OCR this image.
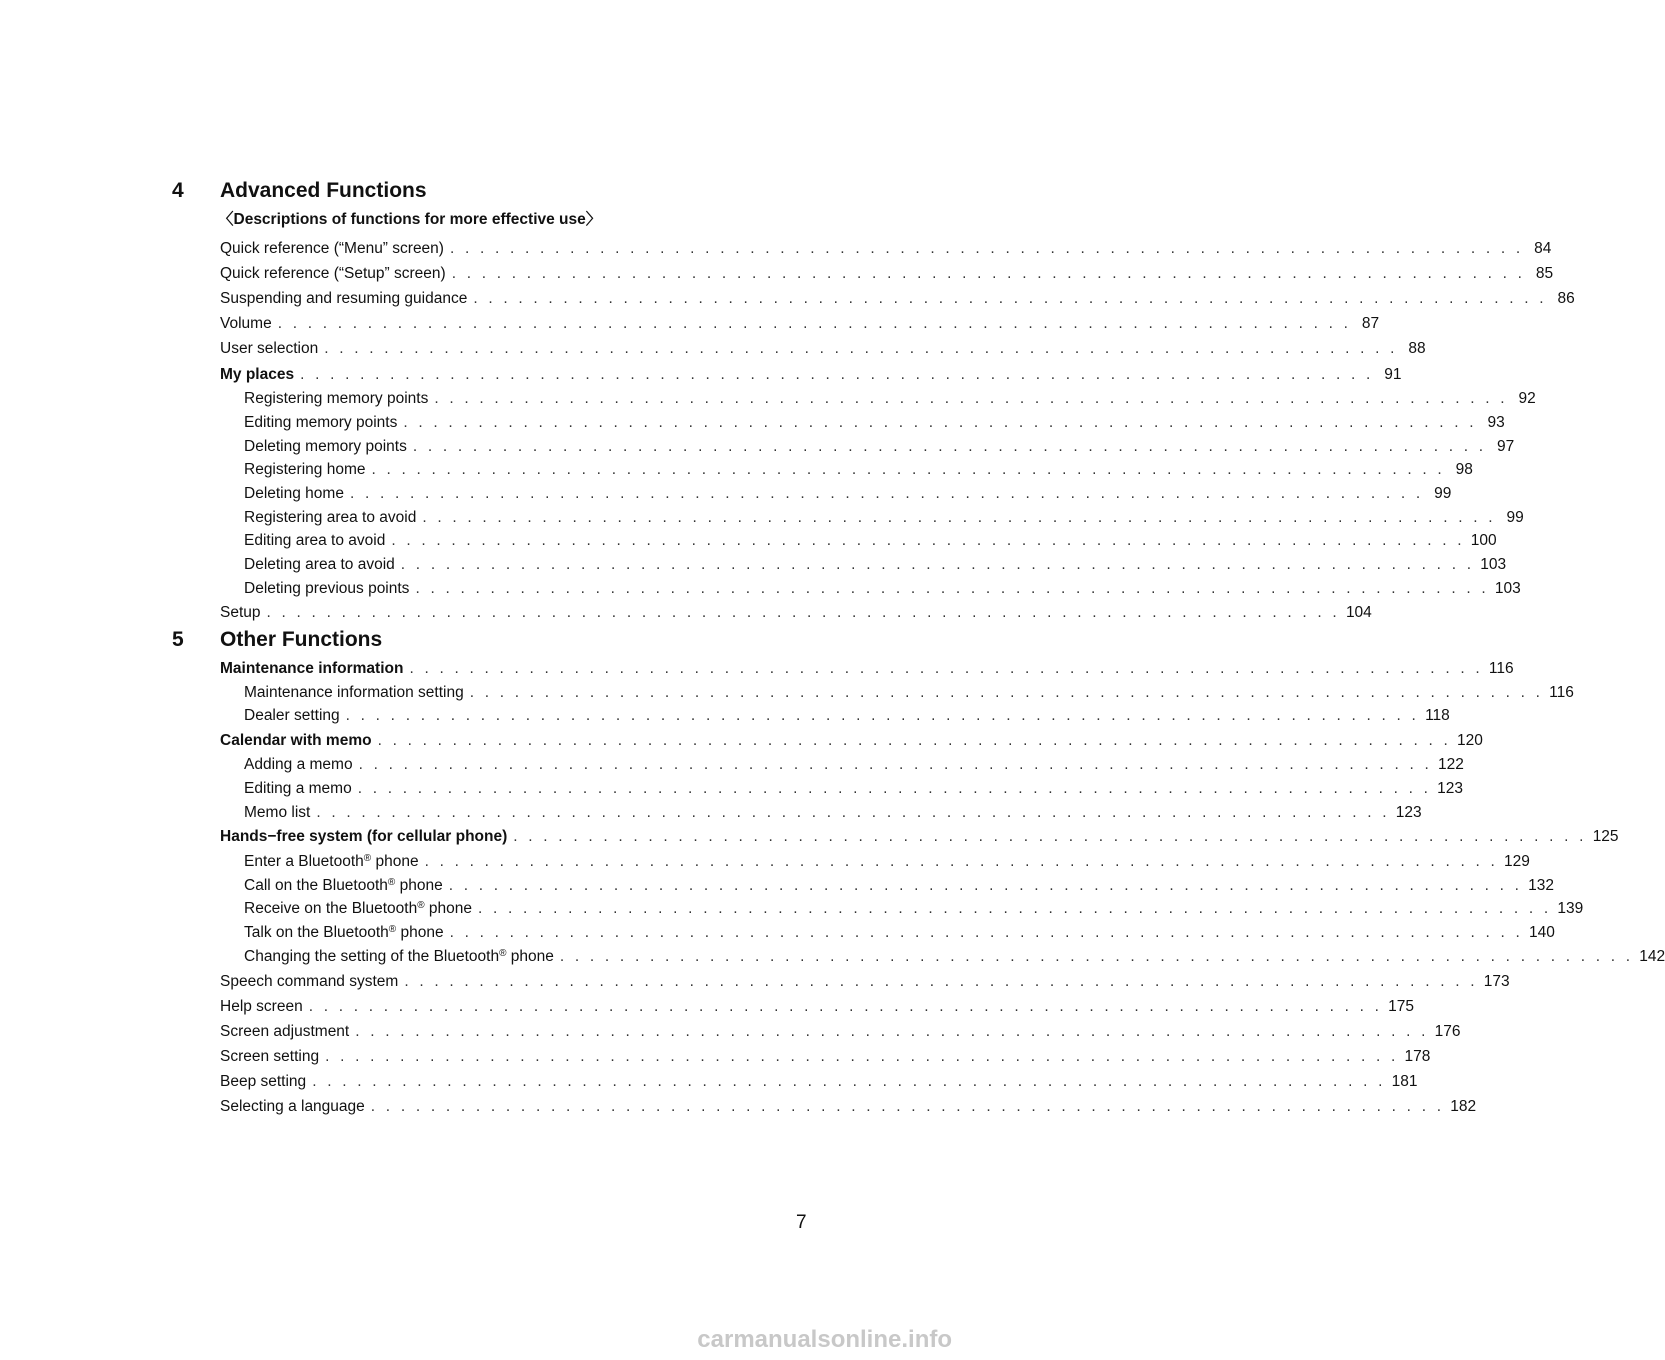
4 Advanced Functions
〈Descriptions of functions for more effective use〉
Quick reference (“Menu” screen) . . . . . . . . . . . . . . . . . . . . . . . . . . . . . . . . . . . . . . . . . . . . . . . . . . . . . . . . . . . . . . . . . . . . . . . . 84
Quick reference (“Setup” screen) . . . . . . . . . . . . . . . . . . . . . . . . . . . . . . . . . . . . . . . . . . . . . . . . . . . . . . . . . . . . . . . . . . . . . . . . 85
Suspending and resuming guidance . . . . . . . . . . . . . . . . . . . . . . . . . . . . . . . . . . . . . . . . . . . . . . . . . . . . . . . . . . . . . . . . . . . . . . . . 86
Volume . . . . . . . . . . . . . . . . . . . . . . . . . . . . . . . . . . . . . . . . . . . . . . . . . . . . . . . . . . . . . . . . . . . . . . . . 87
User selection . . . . . . . . . . . . . . . . . . . . . . . . . . . . . . . . . . . . . . . . . . . . . . . . . . . . . . . . . . . . . . . . . . . . . . . . 88
My places . . . . . . . . . . . . . . . . . . . . . . . . . . . . . . . . . . . . . . . . . . . . . . . . . . . . . . . . . . . . . . . . . . . . . . . . 91
Registering memory points . . . . . . . . . . . . . . . . . . . . . . . . . . . . . . . . . . . . . . . . . . . . . . . . . . . . . . . . . . . . . . . . . . . . . . . . 92
Editing memory points . . . . . . . . . . . . . . . . . . . . . . . . . . . . . . . . . . . . . . . . . . . . . . . . . . . . . . . . . . . . . . . . . . . . . . . . 93
Deleting memory points . . . . . . . . . . . . . . . . . . . . . . . . . . . . . . . . . . . . . . . . . . . . . . . . . . . . . . . . . . . . . . . . . . . . . . . . 97
Registering home . . . . . . . . . . . . . . . . . . . . . . . . . . . . . . . . . . . . . . . . . . . . . . . . . . . . . . . . . . . . . . . . . . . . . . . . 98
Deleting home . . . . . . . . . . . . . . . . . . . . . . . . . . . . . . . . . . . . . . . . . . . . . . . . . . . . . . . . . . . . . . . . . . . . . . . . 99
Registering area to avoid . . . . . . . . . . . . . . . . . . . . . . . . . . . . . . . . . . . . . . . . . . . . . . . . . . . . . . . . . . . . . . . . . . . . . . . . 99
Editing area to avoid . . . . . . . . . . . . . . . . . . . . . . . . . . . . . . . . . . . . . . . . . . . . . . . . . . . . . . . . . . . . . . . . . . . . . . . . 100
Deleting area to avoid . . . . . . . . . . . . . . . . . . . . . . . . . . . . . . . . . . . . . . . . . . . . . . . . . . . . . . . . . . . . . . . . . . . . . . . . 103
Deleting previous points . . . . . . . . . . . . . . . . . . . . . . . . . . . . . . . . . . . . . . . . . . . . . . . . . . . . . . . . . . . . . . . . . . . . . . . . 103
Setup . . . . . . . . . . . . . . . . . . . . . . . . . . . . . . . . . . . . . . . . . . . . . . . . . . . . . . . . . . . . . . . . . . . . . . . . 104
5 Other Functions
Maintenance information . . . . . . . . . . . . . . . . . . . . . . . . . . . . . . . . . . . . . . . . . . . . . . . . . . . . . . . . . . . . . . . . . . . . . . . . 116
Maintenance information setting . . . . . . . . . . . . . . . . . . . . . . . . . . . . . . . . . . . . . . . . . . . . . . . . . . . . . . . . . . . . . . . . . . . . . . . . 116
Dealer setting . . . . . . . . . . . . . . . . . . . . . . . . . . . . . . . . . . . . . . . . . . . . . . . . . . . . . . . . . . . . . . . . . . . . . . . . 118
Calendar with memo . . . . . . . . . . . . . . . . . . . . . . . . . . . . . . . . . . . . . . . . . . . . . . . . . . . . . . . . . . . . . . . . . . . . . . . . 120
Adding a memo . . . . . . . . . . . . . . . . . . . . . . . . . . . . . . . . . . . . . . . . . . . . . . . . . . . . . . . . . . . . . . . . . . . . . . . . 122
Editing a memo . . . . . . . . . . . . . . . . . . . . . . . . . . . . . . . . . . . . . . . . . . . . . . . . . . . . . . . . . . . . . . . . . . . . . . . . 123
Memo list . . . . . . . . . . . . . . . . . . . . . . . . . . . . . . . . . . . . . . . . . . . . . . . . . . . . . . . . . . . . . . . . . . . . . . . . 123
Hands−free system (for cellular phone) . . . . . . . . . . . . . . . . . . . . . . . . . . . . . . . . . . . . . . . . . . . . . . . . . . . . . . . . . . . . . . . . . . . . . . . . 125
Enter a Bluetooth® phone . . . . . . . . . . . . . . . . . . . . . . . . . . . . . . . . . . . . . . . . . . . . . . . . . . . . . . . . . . . . . . . . . . . . . . . . 129
Call on the Bluetooth® phone . . . . . . . . . . . . . . . . . . . . . . . . . . . . . . . . . . . . . . . . . . . . . . . . . . . . . . . . . . . . . . . . . . . . . . . . 132
Receive on the Bluetooth® phone . . . . . . . . . . . . . . . . . . . . . . . . . . . . . . . . . . . . . . . . . . . . . . . . . . . . . . . . . . . . . . . . . . . . . . . . 139
Talk on the Bluetooth® phone . . . . . . . . . . . . . . . . . . . . . . . . . . . . . . . . . . . . . . . . . . . . . . . . . . . . . . . . . . . . . . . . . . . . . . . . 140
Changing the setting of the Bluetooth® phone . . . . . . . . . . . . . . . . . . . . . . . . . . . . . . . . . . . . . . . . . . . . . . . . . . . . . . . . . . . . . . . . . . . . . . . . 142
Speech command system . . . . . . . . . . . . . . . . . . . . . . . . . . . . . . . . . . . . . . . . . . . . . . . . . . . . . . . . . . . . . . . . . . . . . . . . 173
Help screen . . . . . . . . . . . . . . . . . . . . . . . . . . . . . . . . . . . . . . . . . . . . . . . . . . . . . . . . . . . . . . . . . . . . . . . . 175
Screen adjustment . . . . . . . . . . . . . . . . . . . . . . . . . . . . . . . . . . . . . . . . . . . . . . . . . . . . . . . . . . . . . . . . . . . . . . . . 176
Screen setting . . . . . . . . . . . . . . . . . . . . . . . . . . . . . . . . . . . . . . . . . . . . . . . . . . . . . . . . . . . . . . . . . . . . . . . . 178
Beep setting . . . . . . . . . . . . . . . . . . . . . . . . . . . . . . . . . . . . . . . . . . . . . . . . . . . . . . . . . . . . . . . . . . . . . . . . 181
Selecting a language . . . . . . . . . . . . . . . . . . . . . . . . . . . . . . . . . . . . . . . . . . . . . . . . . . . . . . . . . . . . . . . . . . . . . . . . 182
7
carmanualsonline.info
